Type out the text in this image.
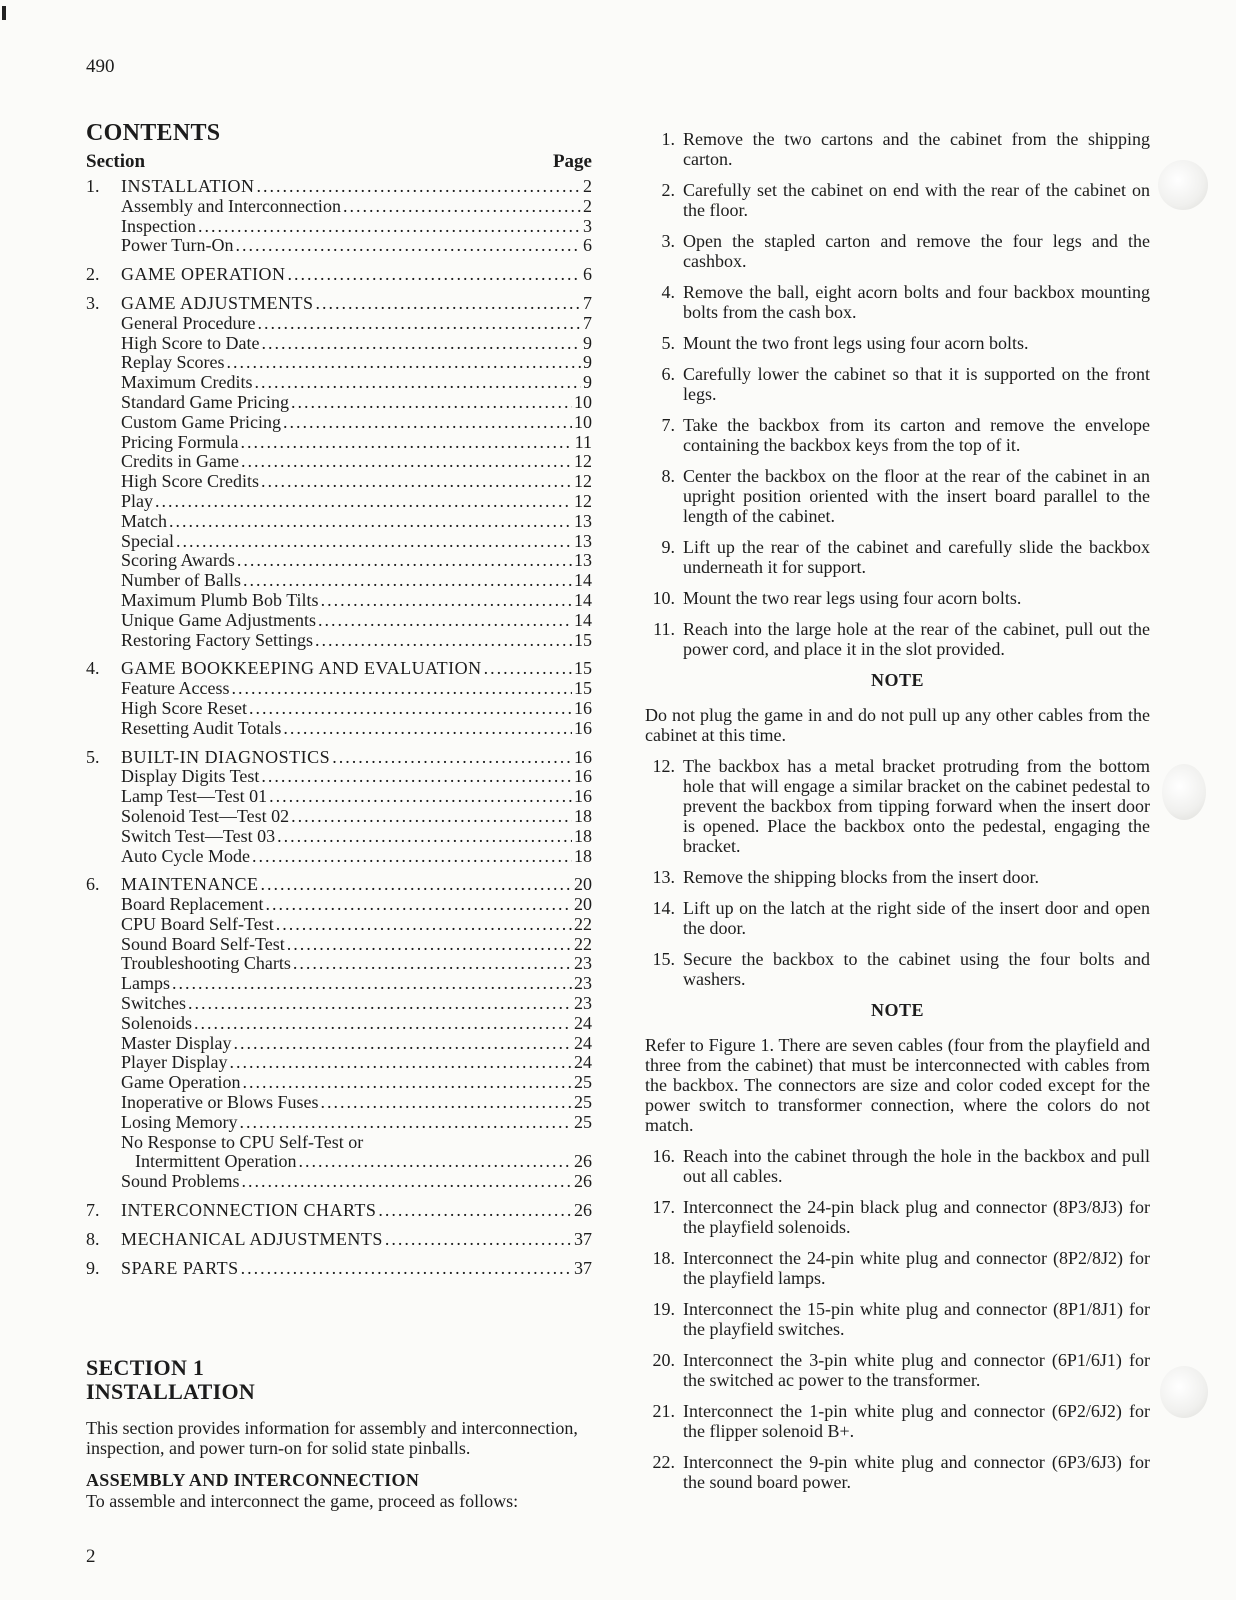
490
CONTENTS
Section	Page
1.	INSTALLATION .....	2
Assembly and Interconnection .....	2
Inspection .....	3
Power Turn-On .....	6
2.	GAME OPERATION .....	6
3.	GAME ADJUSTMENTS .....	7
General Procedure .....	7
High Score to Date .....	9
Replay Scores .....	9
Maximum Credits .....	9
Standard Game Pricing .....	10
Custom Game Pricing .....	10
Pricing Formula .....	11
Credits in Game .....	12
High Score Credits .....	12
Play .....	12
Match .....	13
Special .....	13
Scoring Awards .....	13
Number of Balls .....	14
Maximum Plumb Bob Tilts .....	14
Unique Game Adjustments .....	14
Restoring Factory Settings .....	15
4.	GAME BOOKKEEPING AND EVALUATION .....	15
Feature Access .....	15
High Score Reset .....	16
Resetting Audit Totals .....	16
5.	BUILT-IN DIAGNOSTICS .....	16
Display Digits Test .....	16
Lamp Test—Test 01 .....	16
Solenoid Test—Test 02 .....	18
Switch Test—Test 03 .....	18
Auto Cycle Mode .....	18
6.	MAINTENANCE .....	20
Board Replacement .....	20
CPU Board Self-Test .....	22
Sound Board Self-Test .....	22
Troubleshooting Charts .....	23
Lamps .....	23
Switches .....	23
Solenoids .....	24
Master Display .....	24
Player Display .....	24
Game Operation .....	25
Inoperative or Blows Fuses .....	25
Losing Memory .....	25
No Response to CPU Self-Test or
Intermittent Operation .....	26
Sound Problems .....	26
7.	INTERCONNECTION CHARTS .....	26
8.	MECHANICAL ADJUSTMENTS .....	37
9.	SPARE PARTS .....	37
SECTION 1
INSTALLATION
This section provides information for assembly and interconnection, inspection, and power turn-on for solid state pinballs.
ASSEMBLY AND INTERCONNECTION
To assemble and interconnect the game, proceed as follows:
1. Remove the two cartons and the cabinet from the shipping carton.
2. Carefully set the cabinet on end with the rear of the cabinet on the floor.
3. Open the stapled carton and remove the four legs and the cashbox.
4. Remove the ball, eight acorn bolts and four backbox mounting bolts from the cash box.
5. Mount the two front legs using four acorn bolts.
6. Carefully lower the cabinet so that it is supported on the front legs.
7. Take the backbox from its carton and remove the envelope containing the backbox keys from the top of it.
8. Center the backbox on the floor at the rear of the cabinet in an upright position oriented with the insert board parallel to the length of the cabinet.
9. Lift up the rear of the cabinet and carefully slide the backbox underneath it for support.
10. Mount the two rear legs using four acorn bolts.
11. Reach into the large hole at the rear of the cabinet, pull out the power cord, and place it in the slot provided.
NOTE
Do not plug the game in and do not pull up any other cables from the cabinet at this time.
12. The backbox has a metal bracket protruding from the bottom hole that will engage a similar bracket on the cabinet pedestal to prevent the backbox from tipping forward when the insert door is opened. Place the backbox onto the pedestal, engaging the bracket.
13. Remove the shipping blocks from the insert door.
14. Lift up on the latch at the right side of the insert door and open the door.
15. Secure the backbox to the cabinet using the four bolts and washers.
NOTE
Refer to Figure 1. There are seven cables (four from the playfield and three from the cabinet) that must be interconnected with cables from the backbox. The connectors are size and color coded except for the power switch to transformer connection, where the colors do not match.
16. Reach into the cabinet through the hole in the backbox and pull out all cables.
17. Interconnect the 24-pin black plug and connector (8P3/8J3) for the playfield solenoids.
18. Interconnect the 24-pin white plug and connector (8P2/8J2) for the playfield lamps.
19. Interconnect the 15-pin white plug and connector (8P1/8J1) for the playfield switches.
20. Interconnect the 3-pin white plug and connector (6P1/6J1) for the switched ac power to the transformer.
21. Interconnect the 1-pin white plug and connector (6P2/6J2) for the flipper solenoid B+.
22. Interconnect the 9-pin white plug and connector (6P3/6J3) for the sound board power.
2
